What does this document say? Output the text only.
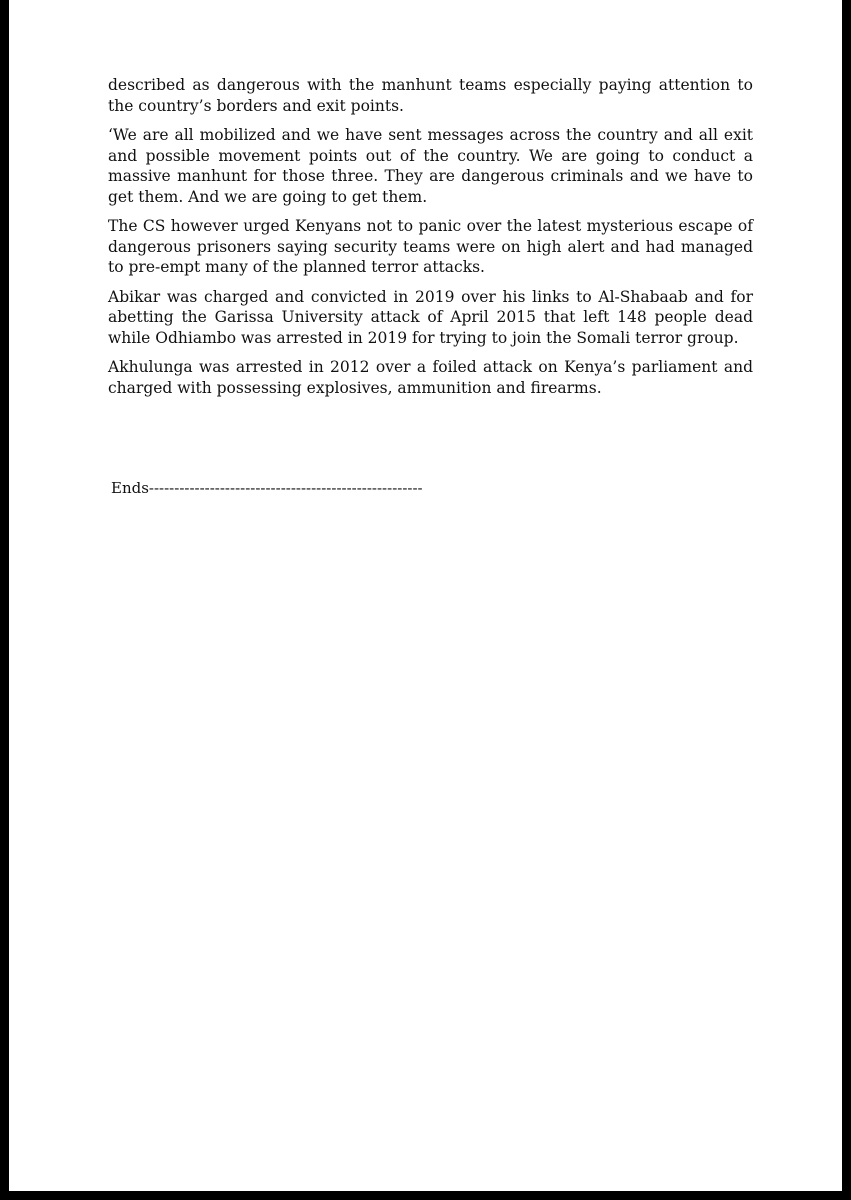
described as dangerous with the manhunt teams especially paying attention to the country’s borders and exit points.

‘We are all mobilized and we have sent messages across the country and all exit and possible movement points out of the country. We are going to conduct a massive manhunt for those three. They are dangerous criminals and we have to get them. And we are going to get them.

The CS however urged Kenyans not to panic over the latest mysterious escape of dangerous prisoners saying security teams were on high alert and had managed to pre-empt many of the planned terror attacks.

Abikar was charged and convicted in 2019 over his links to Al-Shabaab and for abetting the Garissa University attack of April 2015 that left 148 people dead while Odhiambo was arrested in 2019 for trying to join the Somali terror group.

Akhulunga was arrested in 2012 over a foiled attack on Kenya’s parliament and charged with possessing explosives, ammunition and firearms.

Ends------------------------------------------------------
